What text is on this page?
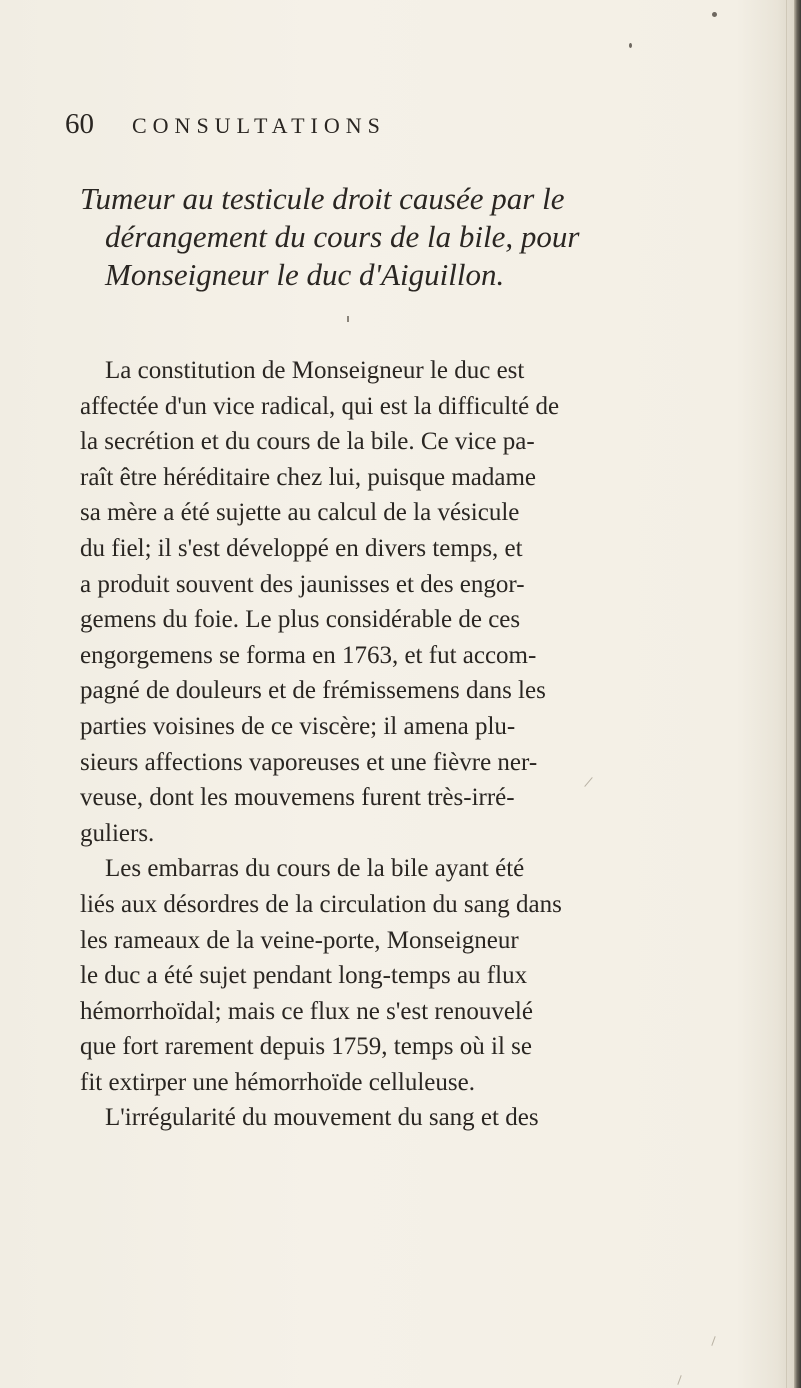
60 CONSULTATIONS
Tumeur au testicule droit causée par le
dérangement du cours de la bile, pour
Monseigneur le duc d'Aiguillon.
La constitution de Monseigneur le duc est
affectée d'un vice radical, qui est la difficulté de
la secrétion et du cours de la bile. Ce vice pa-
raît être héréditaire chez lui, puisque madame
sa mère a été sujette au calcul de la vésicule
du fiel; il s'est développé en divers temps, et
a produit souvent des jaunisses et des engor-
gemens du foie. Le plus considérable de ces
engorgemens se forma en 1763, et fut accom-
pagné de douleurs et de frémissemens dans les
parties voisines de ce viscère; il amena plu-
sieurs affections vaporeuses et une fièvre ner-
veuse, dont les mouvemens furent très-irré-
guliers.
Les embarras du cours de la bile ayant été
liés aux désordres de la circulation du sang dans
les rameaux de la veine-porte, Monseigneur
le duc a été sujet pendant long-temps au flux
hémorrhoïdal; mais ce flux ne s'est renouvelé
que fort rarement depuis 1759, temps où il se
fit extirper une hémorrhoïde celluleuse.
L'irrégularité du mouvement du sang et des
